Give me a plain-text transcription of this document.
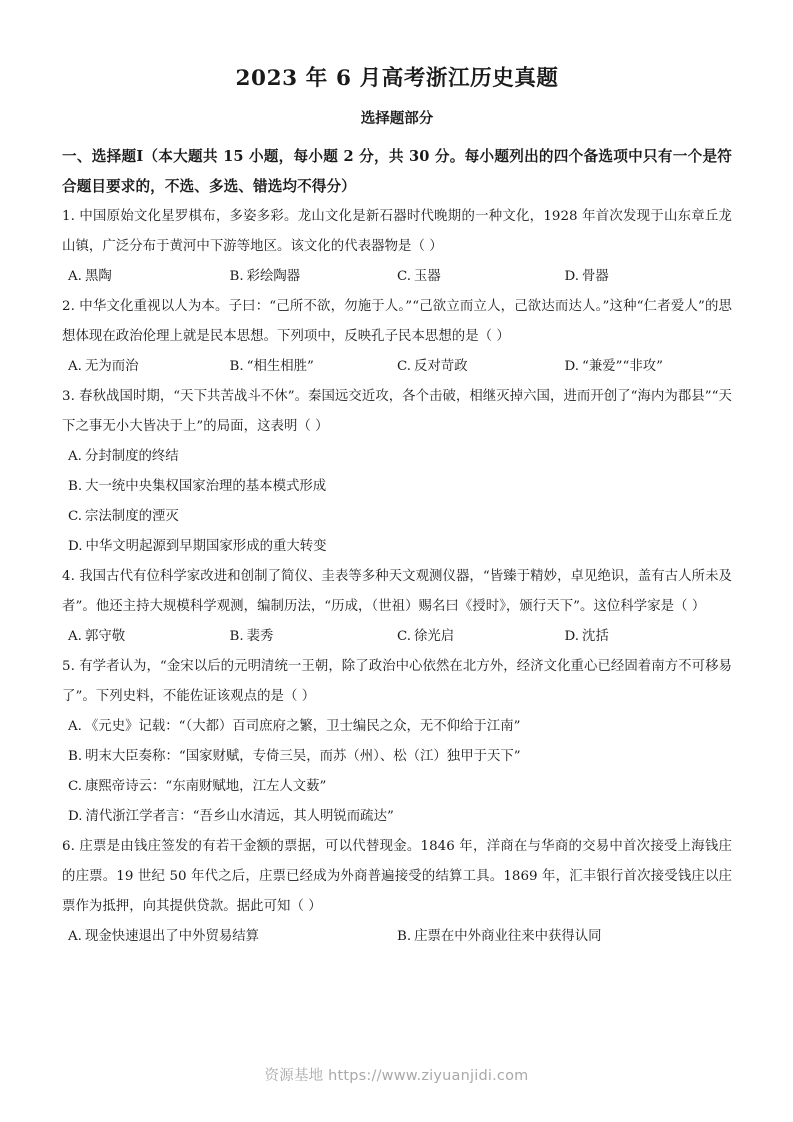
2023 年 6 月高考浙江历史真题
选择题部分

一、选择题Ⅰ（本大题共 15 小题，每小题 2 分，共 30 分。每小题列出的四个备选项中只有一个是符合题目要求的，不选、多选、错选均不得分）

1. 中国原始文化星罗棋布，多姿多彩。龙山文化是新石器时代晚期的一种文化，1928 年首次发现于山东章丘龙山镇，广泛分布于黄河中下游等地区。该文化的代表器物是（ ）

A. 黑陶	B. 彩绘陶器	C. 玉器	D. 骨器

2. 中华文化重视以人为本。子曰：“己所不欲，勿施于人。”“己欲立而立人，己欲达而达人。”这种“仁者爱人”的思想体现在政治伦理上就是民本思想。下列项中，反映孔子民本思想的是（ ）

A. 无为而治	B. “相生相胜”	C. 反对苛政	D. “兼爱”“非攻”

3. 春秋战国时期，“天下共苦战斗不休”。秦国远交近攻，各个击破，相继灭掉六国，进而开创了“海内为郡县”“天下之事无小大皆决于上”的局面，这表明（ ）

A. 分封制度的终结
B. 大一统中央集权国家治理的基本模式形成
C. 宗法制度的湮灭
D. 中华文明起源到早期国家形成的重大转变

4. 我国古代有位科学家改进和创制了简仪、圭表等多种天文观测仪器，“皆臻于精妙，卓见绝识，盖有古人所未及者”。他还主持大规模科学观测，编制历法，“历成，（世祖）赐名曰《授时》，颁行天下”。这位科学家是（ ）

A. 郭守敬	B. 裴秀	C. 徐光启	D. 沈括

5. 有学者认为，“金宋以后的元明清统一王朝，除了政治中心依然在北方外，经济文化重心已经固着南方不可移易了”。下列史料，不能佐证该观点的是（ ）

A. 《元史》记载：“（大都）百司庶府之繁，卫士编民之众，无不仰给于江南”
B. 明末大臣奏称：“国家财赋，专倚三吴，而苏（州）、松（江）独甲于天下”
C. 康熙帝诗云：“东南财赋地，江左人文薮”
D. 清代浙江学者言：“吾乡山水清远，其人明锐而疏达”

6. 庄票是由钱庄签发的有若干金额的票据，可以代替现金。1846 年，洋商在与华商的交易中首次接受上海钱庄的庄票。19 世纪 50 年代之后，庄票已经成为外商普遍接受的结算工具。1869 年，汇丰银行首次接受钱庄以庄票作为抵押，向其提供贷款。据此可知（ ）

A. 现金快速退出了中外贸易结算	B. 庄票在中外商业往来中获得认同
资源基地 https://www.ziyuanjidi.com
